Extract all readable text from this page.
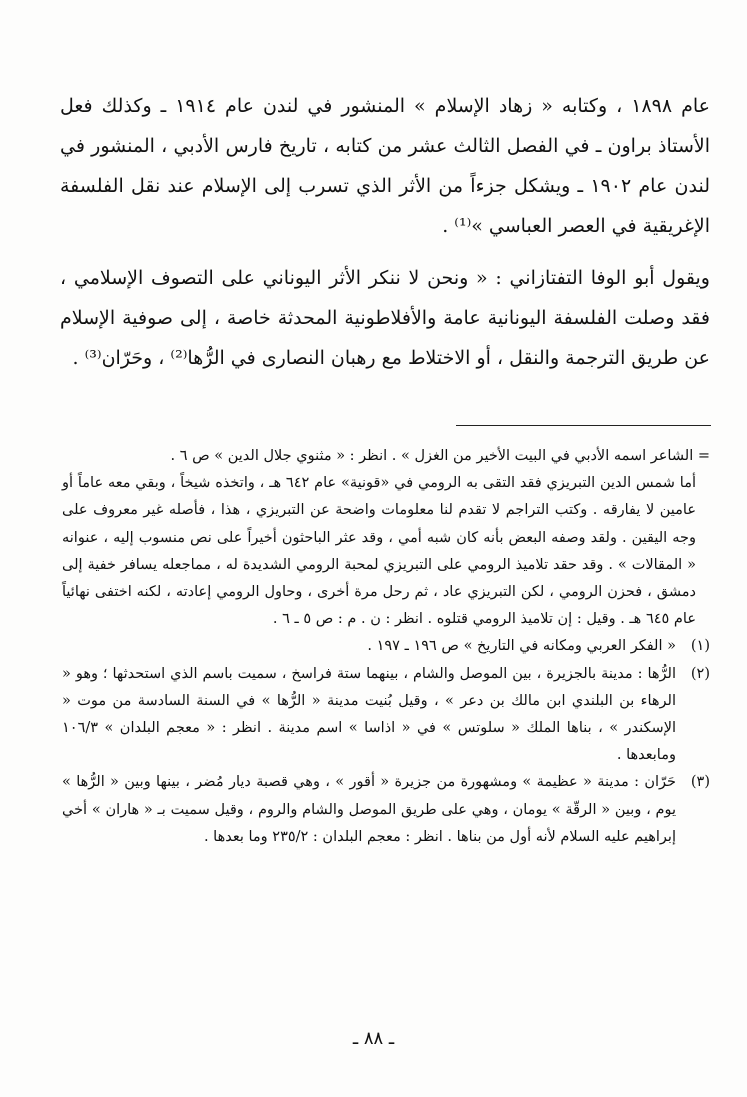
عام ١٨٩٨ ، وكتابه « زهاد الإسلام » المنشور في لندن عام ١٩١٤ ـ وكذلك فعل الأستاذ براون ـ في الفصل الثالث عشر من كتابه ، تاريخ فارس الأدبي ، المنشور في لندن عام ١٩٠٢ ـ ويشكل جزءاً من الأثر الذي تسرب إلى الإسلام عند نقل الفلسفة الإغريقية في العصر العباسي »⁽¹⁾ .

ويقول أبو الوفا التفتازاني : « ونحن لا ننكر الأثر اليوناني على التصوف الإسلامي ، فقد وصلت الفلسفة اليونانية عامة والأفلاطونية المحدثة خاصة ، إلى صوفية الإسلام عن طريق الترجمة والنقل ، أو الاختلاط مع رهبان النصارى في الرُّها⁽²⁾ ، وحَرّان⁽³⁾ .

= الشاعر اسمه الأدبي في البيت الأخير من الغزل » . انظر : « مثنوي جلال الدين » ص ٦ .

أما شمس الدين التبريزي فقد التقى به الرومي في «قونية» عام ٦٤٢ هـ ، واتخذه شيخاً ، وبقي معه عاماً أو عامين لا يفارقه . وكتب التراجم لا تقدم لنا معلومات واضحة عن التبريزي ، هذا ، فأصله غير معروف على وجه اليقين . ولقد وصفه البعض بأنه كان شبه أمي ، وقد عثر الباحثون أخيراً على نص منسوب إليه ، عنوانه « المقالات » . وقد حقد تلاميذ الرومي على التبريزي لمحبة الرومي الشديدة له ، مماجعله يسافر خفية إلى دمشق ، فحزن الرومي ، لكن التبريزي عاد ، ثم رحل مرة أخرى ، وحاول الرومي إعادته ، لكنه اختفى نهائياً عام ٦٤٥ هـ . وقيل : إن تلاميذ الرومي قتلوه . انظر : ن . م : ص ٥ ـ ٦ .

(١)
« الفكر العربي ومكانه في التاريخ » ص ١٩٦ ـ ١٩٧ .
(٢)
الرُّها : مدينة بالجزيرة ، بين الموصل والشام ، بينهما ستة فراسخ ، سميت باسم الذي استحدثها ؛ وهو « الرهاء بن البلندي ابن مالك بن دعر » ، وقيل بُنيت مدينة « الرُّها » في السنة السادسة من موت « الإسكندر » ، بناها الملك « سلوتس » في « اذاسا » اسم مدينة . انظر : « معجم البلدان » ١٠٦/٣ ومابعدها .
(٣)
حَرّان : مدينة « عظيمة » ومشهورة من جزيرة « أقور » ، وهي قصبة ديار مُضر ، بينها وبين « الرُّها » يوم ، وبين « الرقّة » يومان ، وهي على طريق الموصل والشام والروم ، وقيل سميت بـ « هاران » أخي إبراهيم عليه السلام لأنه أول من بناها . انظر : معجم البلدان : ٢٣٥/٢ وما بعدها .
ـ ٨٨ ـ
